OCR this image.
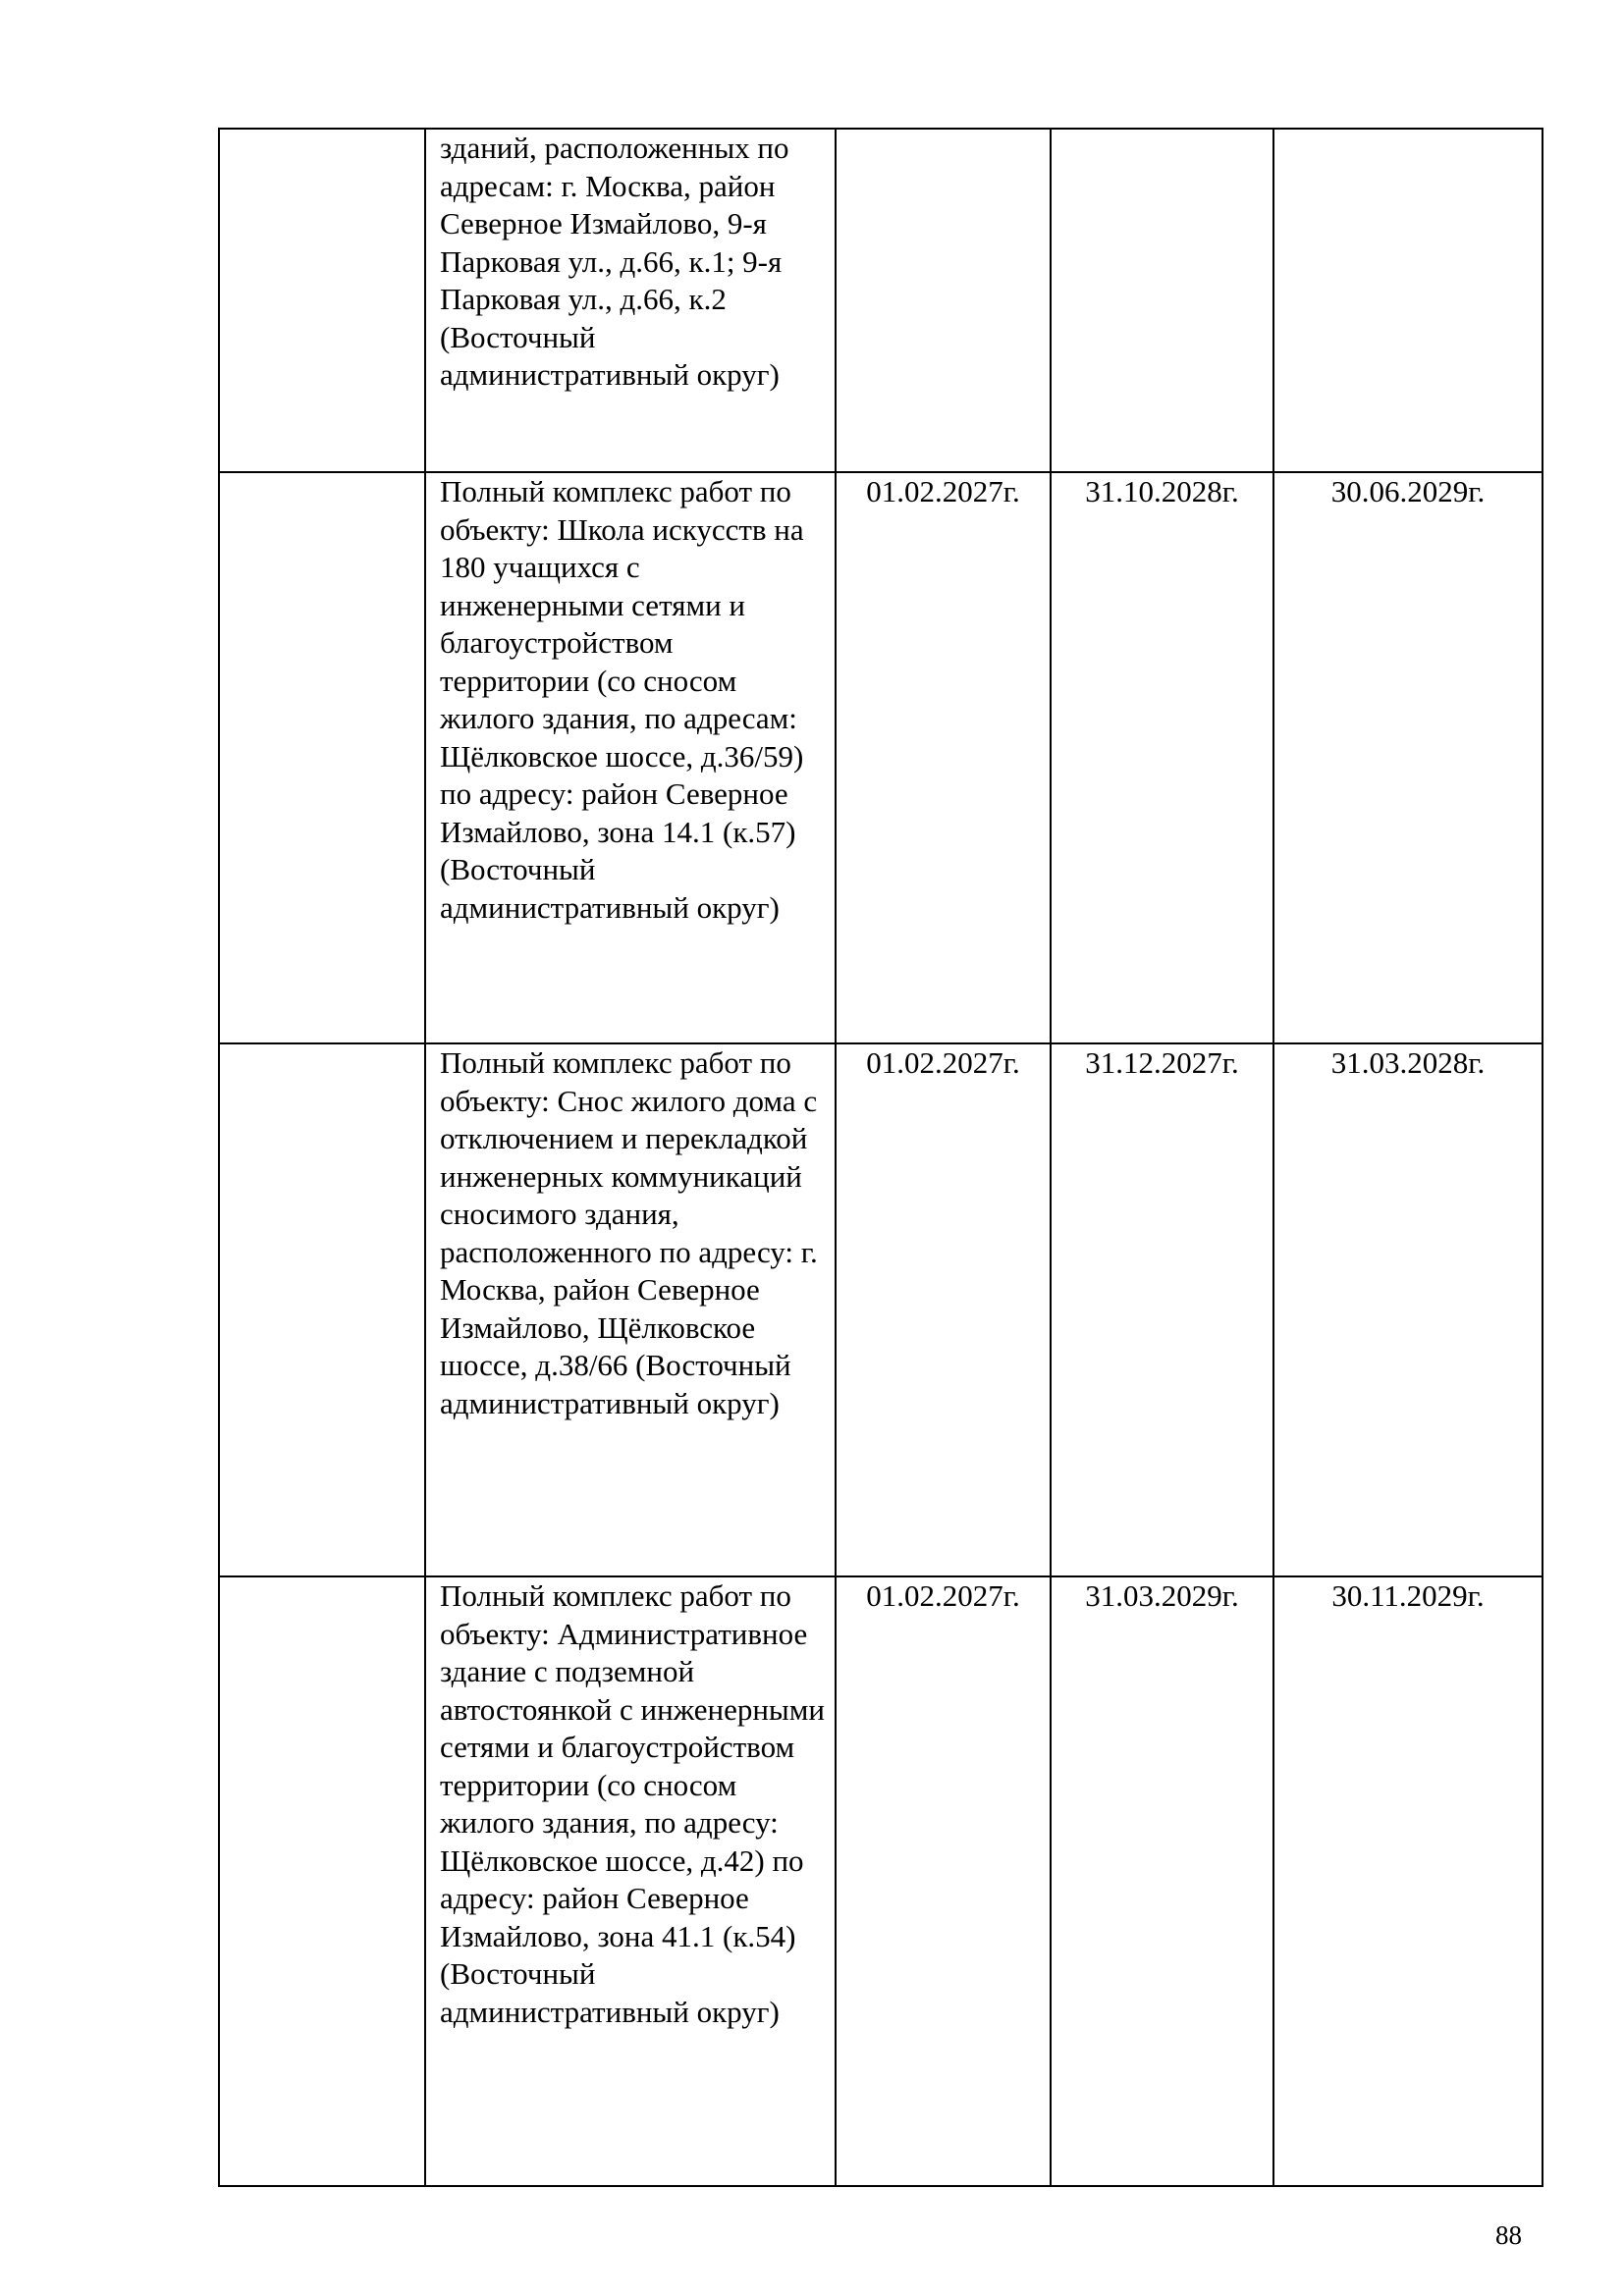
	зданий, расположенных по адресам: г. Москва, район Северное Измайлово, 9-я Парковая ул., д.66, к.1; 9-я Парковая ул., д.66, к.2 (Восточный административный округ)			
	Полный комплекс работ по объекту: Школа искусств на 180 учащихся с инженерными сетями и благоустройством территории (со сносом жилого здания, по адресам: Щёлковское шоссе, д.36/59) по адресу: район Северное Измайлово, зона 14.1 (к.57) (Восточный административный округ)	01.02.2027г.	31.10.2028г.	30.06.2029г.
	Полный комплекс работ по объекту: Снос жилого дома с отключением и перекладкой инженерных коммуникаций сносимого здания, расположенного по адресу: г. Москва, район Северное Измайлово, Щёлковское шоссе, д.38/66 (Восточный административный округ)	01.02.2027г.	31.12.2027г.	31.03.2028г.
	Полный комплекс работ по объекту: Административное здание с подземной автостоянкой с инженерными сетями и благоустройством территории (со сносом жилого здания, по адресу: Щёлковское шоссе, д.42) по адресу: район Северное Измайлово, зона 41.1 (к.54) (Восточный административный округ)	01.02.2027г.	31.03.2029г.	30.11.2029г.
88
